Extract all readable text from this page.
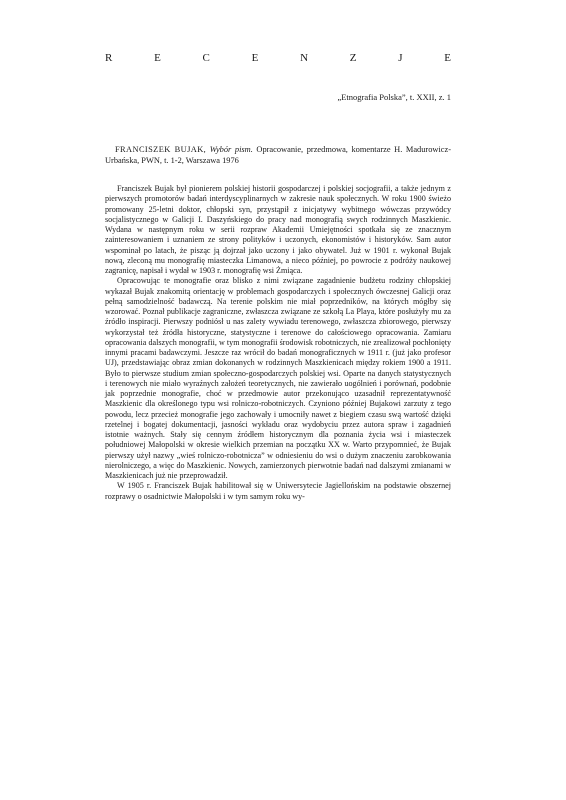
R	E	C	E	N	Z	J	E
„Etnografia Polska”, t. XXII, z. 1
FRANCISZEK BUJAK, Wybór pism. Opracowanie, przedmowa, komentarze H. Madurowicz-Urbańska, PWN, t. 1-2, Warszawa 1976

Franciszek Bujak był pionierem polskiej historii gospodarczej i polskiej socjografii, a także jednym z pierwszych promotorów badań interdyscyplinarnych w zakresie nauk społecznych. W roku 1900 świeżo promowany 25-letni doktor, chłopski syn, przystąpił z inicjatywy wybitnego wówczas przywódcy socjalistycznego w Galicji I. Daszyńskiego do pracy nad monografią swych rodzinnych Maszkienic. Wydana w następnym roku w serii rozpraw Akademii Umiejętności spotkała się ze znacznym zainteresowaniem i uznaniem ze strony polityków i uczonych, ekonomistów i historyków. Sam autor wspominał po latach, że pisząc ją dojrzał jako uczony i jako obywatel. Już w 1901 r. wykonał Bujak nową, zleconą mu monografię miasteczka Limanowa, a nieco później, po powrocie z podróży naukowej zagranicę, napisał i wydał w 1903 r. monografię wsi Żmiąca.

Opracowując te monografie oraz blisko z nimi związane zagadnienie budżetu rodziny chłopskiej wykazał Bujak znakomitą orientację w problemach gospodarczych i społecznych ówczesnej Galicji oraz pełną samodzielność badawczą. Na terenie polskim nie miał poprzedników, na których mógłby się wzorować. Poznał publikacje zagraniczne, zwłaszcza związane ze szkołą La Playa, które posłużyły mu za źródło inspiracji. Pierwszy podniósł u nas zalety wywiadu terenowego, zwłaszcza zbiorowego, pierwszy wykorzystał też źródła historyczne, statystyczne i terenowe do całościowego opracowania. Zamiaru opracowania dalszych monografii, w tym monografii środowisk robotniczych, nie zrealizował pochłonięty innymi pracami badawczymi. Jeszcze raz wrócił do badań monograficznych w 1911 r. (już jako profesor UJ), przedstawiając obraz zmian dokonanych w rodzinnych Maszkienicach między rokiem 1900 a 1911. Było to pierwsze studium zmian społeczno-gospodarczych polskiej wsi. Oparte na danych statystycznych i terenowych nie miało wyraźnych założeń teoretycznych, nie zawierało uogólnień i porównań, podobnie jak poprzednie monografie, choć w przedmowie autor przekonująco uzasadnił reprezentatywność Maszkienic dla określonego typu wsi rolniczo-robotniczych. Czyniono później Bujakowi zarzuty z tego powodu, lecz przecież monografie jego zachowały i umocniły nawet z biegiem czasu swą wartość dzięki rzetelnej i bogatej dokumentacji, jasności wykładu oraz wydobyciu przez autora spraw i zagadnień istotnie ważnych. Stały się cennym źródłem historycznym dla poznania życia wsi i miasteczek południowej Małopolski w okresie wielkich przemian na początku XX w. Warto przypomnieć, że Bujak pierwszy użył nazwy „wieś rolniczo-robotnicza” w odniesieniu do wsi o dużym znaczeniu zarobkowania nierolniczego, a więc do Maszkienic. Nowych, zamierzonych pierwotnie badań nad dalszymi zmianami w Maszkienicach już nie przeprowadził.

W 1905 r. Franciszek Bujak habilitował się w Uniwersytecie Jagiellońskim na podstawie obszernej rozprawy o osadnictwie Małopolski i w tym samym roku wy-
